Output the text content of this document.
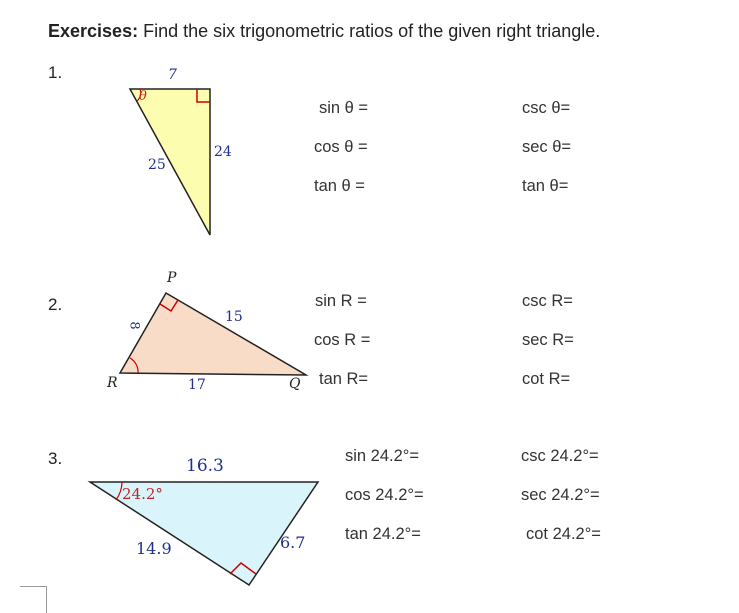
Exercises: Find the six trigonometric ratios of the given right triangle.
1.
2.
3.
7
θ
25
24
P
R	Q
8
15
17
16.3
24.2°
14.9	6.7
sin θ =
cos θ =
tan θ =
csc θ=
sec θ=
tan θ=
sin R =
cos R =
tan R=
csc R=
sec R=
cot R=
sin 24.2°=
cos 24.2°=
tan 24.2°=
csc 24.2°=
sec 24.2°=
cot 24.2°=
